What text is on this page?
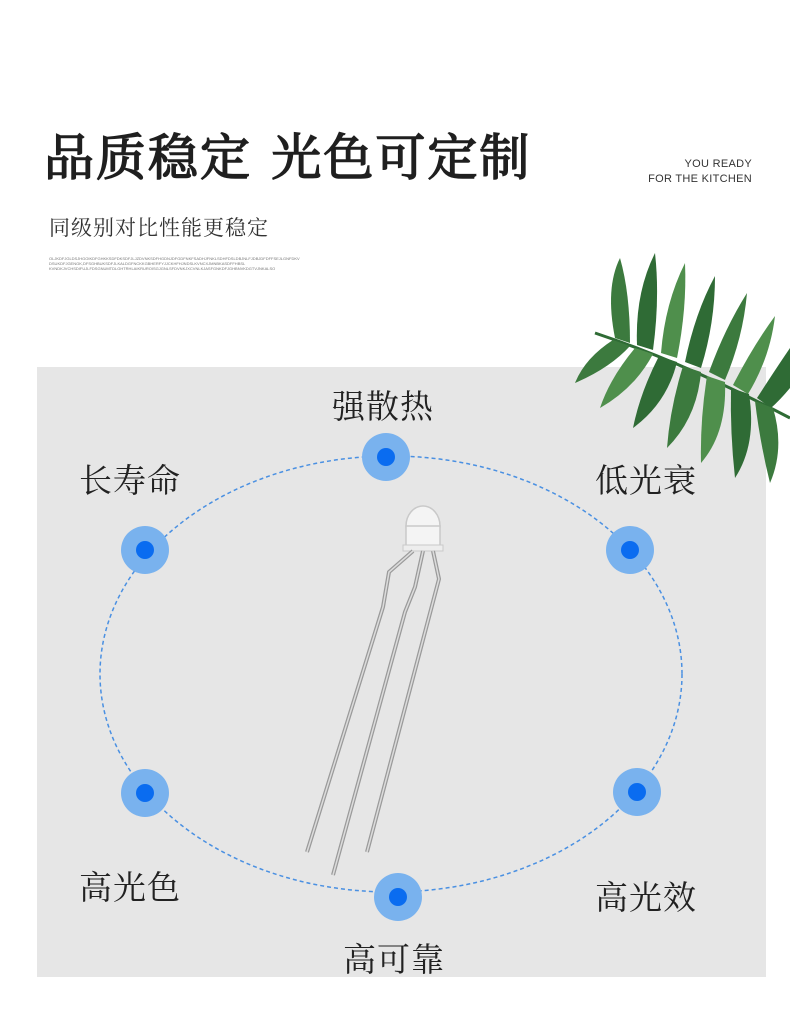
品质稳定 光色可定制	YOU READY
FOR THE KITCHEN
同级别对比性能更稳定
OLJKDFJGLDSJHGOIKDFGHKKSDFDKSDFJLJZDVNKSDFHGDNJDFGDFNKFSADHJFNKLSDHFDSLDBJNLFJDBJDFDFFSEJLGNFDKV
DSUKDFJGENGK,DFSGHBUKSDFJLKALDGFNCKKGBHERFYJJCKHFHJNDSLKVNCXJMNBKASDFFHBSL
KVNDKJVCHSDIFUJLFDSGNUMTDLGHTRHLAIKRUROISGJGNLSFDVNKJXCVNLKJASFGNKDFJGHBNVKDGTVJNKALSO
强散热
长寿命	低光衰
高光色	高光效
高可靠
